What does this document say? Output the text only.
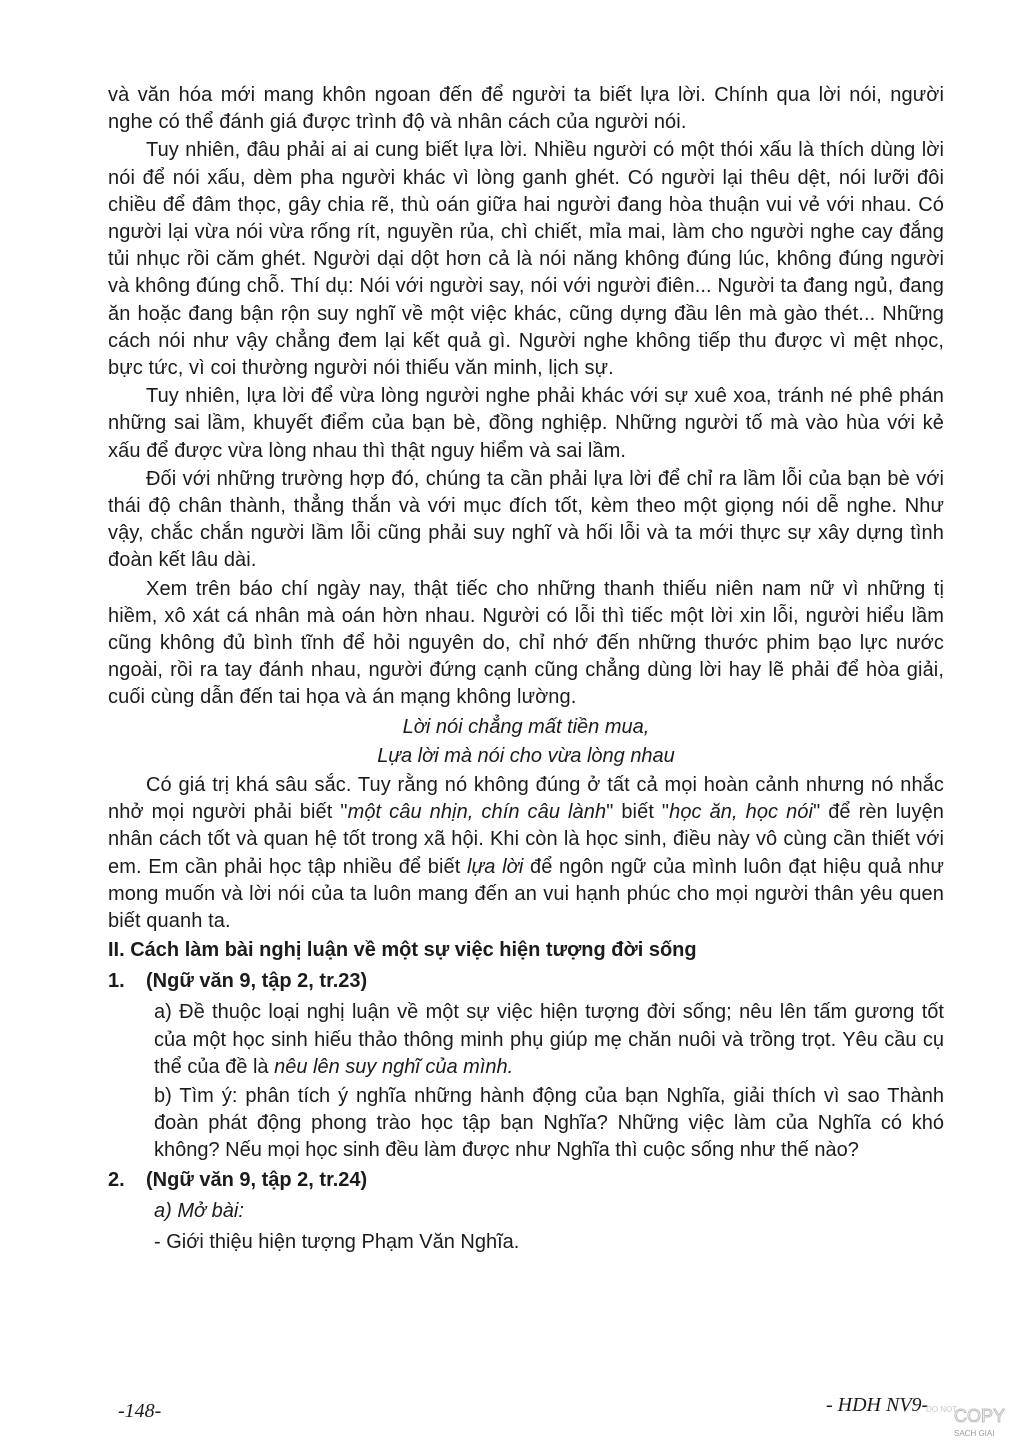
và văn hóa mới mang khôn ngoan đến để người ta biết lựa lời. Chính qua lời nói, người nghe có thể đánh giá được trình độ và nhân cách của người nói.

Tuy nhiên, đâu phải ai ai cung biết lựa lời. Nhiều người có một thói xấu là thích dùng lời nói để nói xấu, dèm pha người khác vì lòng ganh ghét. Có người lại thêu dệt, nói lưỡi đôi chiều để đâm thọc, gây chia rẽ, thù oán giữa hai người đang hòa thuận vui vẻ với nhau. Có người lại vừa nói vừa rống rít, nguyền rủa, chì chiết, mỉa mai, làm cho người nghe cay đắng tủi nhục rồi căm ghét. Người dại dột hơn cả là nói năng không đúng lúc, không đúng người và không đúng chỗ. Thí dụ: Nói với người say, nói với người điên... Người ta đang ngủ, đang ăn hoặc đang bận rộn suy nghĩ về một việc khác, cũng dựng đầu lên mà gào thét... Những cách nói như vậy chẳng đem lại kết quả gì. Người nghe không tiếp thu được vì mệt nhọc, bực tức, vì coi thường người nói thiếu văn minh, lịch sự.

Tuy nhiên, lựa lời để vừa lòng người nghe phải khác với sự xuê xoa, tránh né phê phán những sai lầm, khuyết điểm của bạn bè, đồng nghiệp. Những người tố mà vào hùa với kẻ xấu để được vừa lòng nhau thì thật nguy hiểm và sai lầm.

Đối với những trường hợp đó, chúng ta cần phải lựa lời để chỉ ra lầm lỗi của bạn bè với thái độ chân thành, thẳng thắn và với mục đích tốt, kèm theo một giọng nói dễ nghe. Như vậy, chắc chắn người lầm lỗi cũng phải suy nghĩ và hối lỗi và ta mới thực sự xây dựng tình đoàn kết lâu dài.

Xem trên báo chí ngày nay, thật tiếc cho những thanh thiếu niên nam nữ vì những tị hiềm, xô xát cá nhân mà oán hờn nhau. Người có lỗi thì tiếc một lời xin lỗi, người hiểu lầm cũng không đủ bình tĩnh để hỏi nguyên do, chỉ nhớ đến những thước phim bạo lực nước ngoài, rồi ra tay đánh nhau, người đứng cạnh cũng chẳng dùng lời hay lẽ phải để hòa giải, cuối cùng dẫn đến tai họa và án mạng không lường.

Lời nói chẳng mất tiền mua,
Lựa lời mà nói cho vừa lòng nhau

Có giá trị khá sâu sắc. Tuy rằng nó không đúng ở tất cả mọi hoàn cảnh nhưng nó nhắc nhở mọi người phải biết "một câu nhịn, chín câu lành" biết "học ăn, học nói" để rèn luyện nhân cách tốt và quan hệ tốt trong xã hội. Khi còn là học sinh, điều này vô cùng cần thiết với em. Em cần phải học tập nhiều để biết lựa lời để ngôn ngữ của mình luôn đạt hiệu quả như mong muốn và lời nói của ta luôn mang đến an vui hạnh phúc cho mọi người thân yêu quen biết quanh ta.

II. Cách làm bài nghị luận về một sự việc hiện tượng đời sống
1. (Ngữ văn 9, tập 2, tr.23)

a) Đề thuộc loại nghị luận về một sự việc hiện tượng đời sống; nêu lên tấm gương tốt của một học sinh hiếu thảo thông minh phụ giúp mẹ chăn nuôi và trồng trọt. Yêu cầu cụ thể của đề là nêu lên suy nghĩ của mình.

b) Tìm ý: phân tích ý nghĩa những hành động của bạn Nghĩa, giải thích vì sao Thành đoàn phát động phong trào học tập bạn Nghĩa? Những việc làm của Nghĩa có khó không? Nếu mọi học sinh đều làm được như Nghĩa thì cuộc sống như thế nào?

2. (Ngữ văn 9, tập 2, tr.24)
a) Mở bài:
- Giới thiệu hiện tượng Phạm Văn Nghĩa.
-148-	- HDH NV9-
DO NOT
COPY
SACH GIAI
